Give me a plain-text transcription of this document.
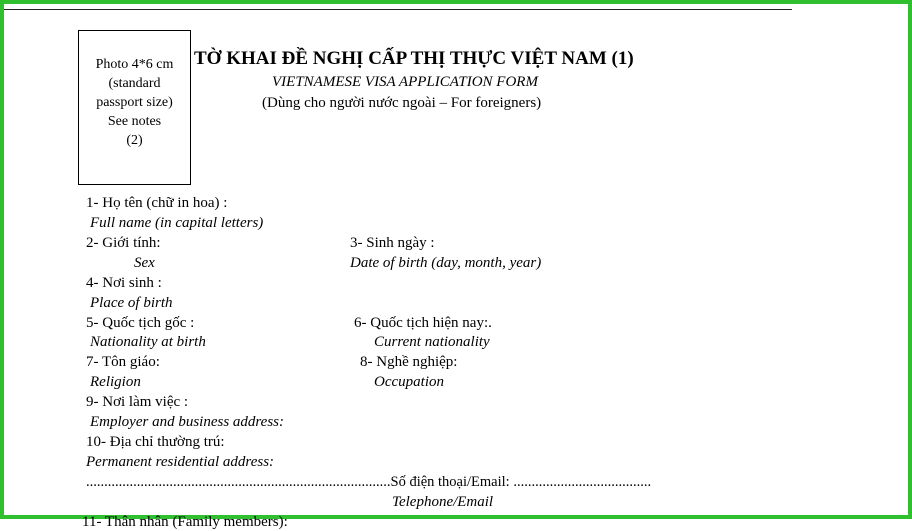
Photo 4*6 cm
(standard
passport size)
See notes
(2)
TỜ KHAI ĐỀ NGHỊ CẤP THỊ THỰC VIỆT NAM (1)
VIETNAMESE VISA APPLICATION FORM
(Dùng cho người nước ngoài – For foreigners)
1- Họ tên (chữ in hoa) :
Full name (in capital letters)
2- Giới tính:
Sex
3- Sinh ngày :
Date of birth (day, month, year)
4- Nơi sinh :
Place of birth
5- Quốc tịch gốc :
Nationality at birth
6- Quốc tịch hiện nay:.
Current nationality
7- Tôn giáo:
Religion
8- Nghề nghiệp:
Occupation
9- Nơi làm việc :
Employer and business address:
10- Địa chỉ thường trú:
Permanent residential address:
....................................................................................Số điện thoại/Email: ......................................
Telephone/Email
11- Thân nhân (Family members):
